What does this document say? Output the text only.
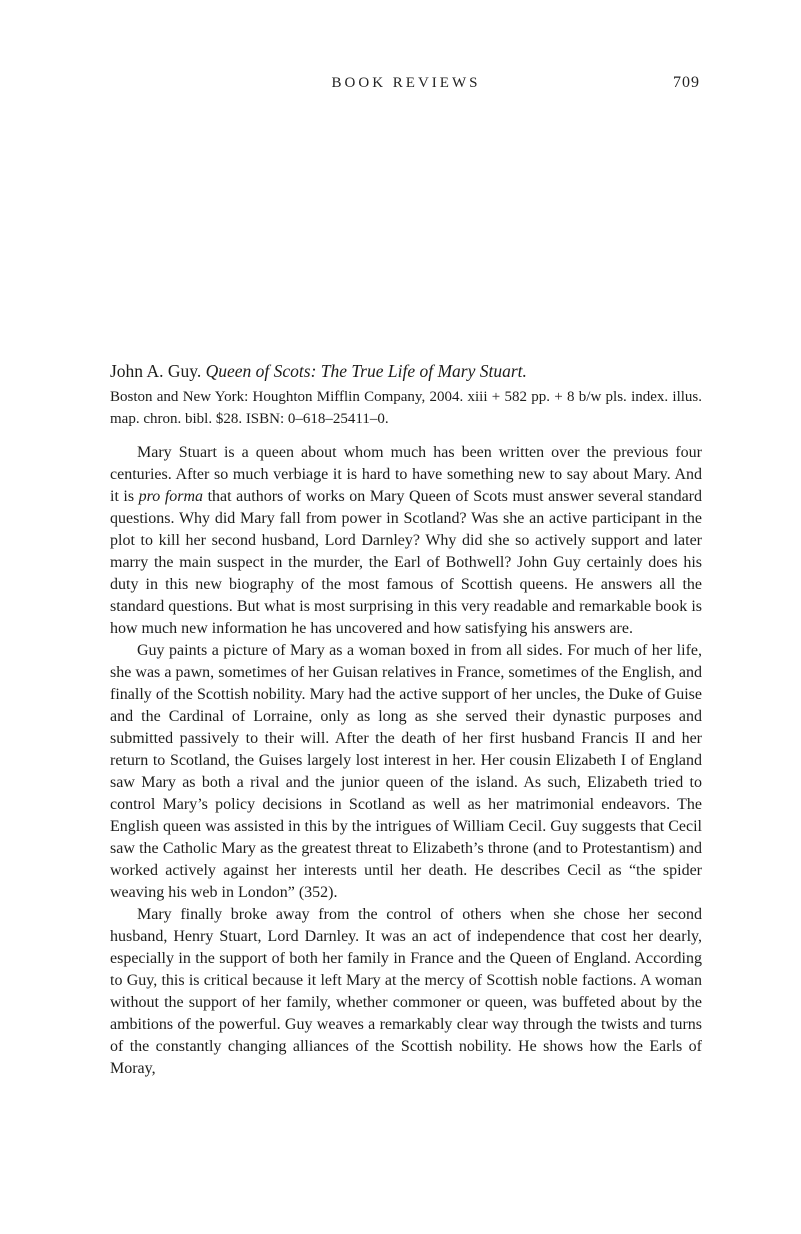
BOOK REVIEWS	709

John A. Guy. Queen of Scots: The True Life of Mary Stuart.

Boston and New York: Houghton Mifflin Company, 2004. xiii + 582 pp. + 8 b/w pls. index. illus. map. chron. bibl. $28. ISBN: 0–618–25411–0.

Mary Stuart is a queen about whom much has been written over the previous four centuries. After so much verbiage it is hard to have something new to say about Mary. And it is pro forma that authors of works on Mary Queen of Scots must answer several standard questions. Why did Mary fall from power in Scotland? Was she an active participant in the plot to kill her second husband, Lord Darnley? Why did she so actively support and later marry the main suspect in the murder, the Earl of Bothwell? John Guy certainly does his duty in this new biography of the most famous of Scottish queens. He answers all the standard questions. But what is most surprising in this very readable and remarkable book is how much new information he has uncovered and how satisfying his answers are.

Guy paints a picture of Mary as a woman boxed in from all sides. For much of her life, she was a pawn, sometimes of her Guisan relatives in France, sometimes of the English, and finally of the Scottish nobility. Mary had the active support of her uncles, the Duke of Guise and the Cardinal of Lorraine, only as long as she served their dynastic purposes and submitted passively to their will. After the death of her first husband Francis II and her return to Scotland, the Guises largely lost interest in her. Her cousin Elizabeth I of England saw Mary as both a rival and the junior queen of the island. As such, Elizabeth tried to control Mary’s policy decisions in Scotland as well as her matrimonial endeavors. The English queen was assisted in this by the intrigues of William Cecil. Guy suggests that Cecil saw the Catholic Mary as the greatest threat to Elizabeth’s throne (and to Protestantism) and worked actively against her interests until her death. He describes Cecil as “the spider weaving his web in London” (352).

Mary finally broke away from the control of others when she chose her second husband, Henry Stuart, Lord Darnley. It was an act of independence that cost her dearly, especially in the support of both her family in France and the Queen of England. According to Guy, this is critical because it left Mary at the mercy of Scottish noble factions. A woman without the support of her family, whether commoner or queen, was buffeted about by the ambitions of the powerful. Guy weaves a remarkably clear way through the twists and turns of the constantly changing alliances of the Scottish nobility. He shows how the Earls of Moray,
